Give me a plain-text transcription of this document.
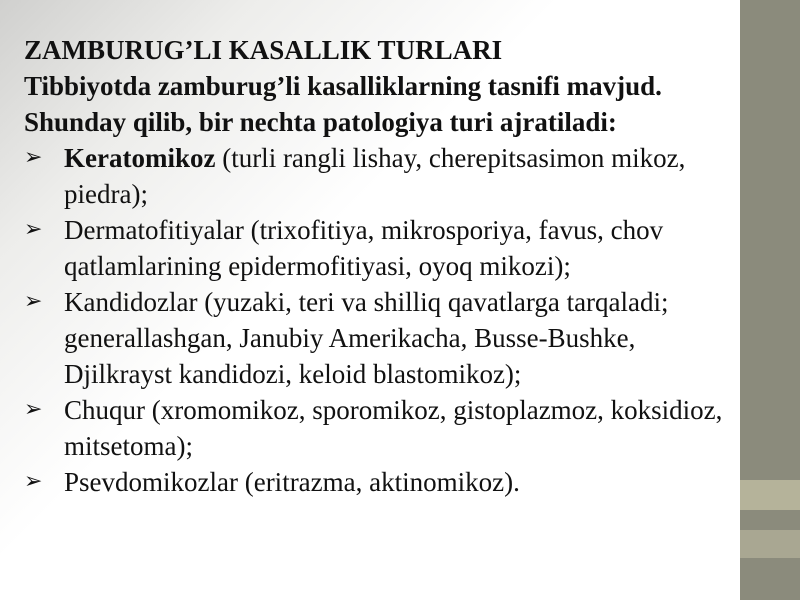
ZAMBURUG’LI KASALLIK TURLARI

Tibbiyotda zamburug’li kasalliklarning tasnifi mavjud. Shunday qilib, bir nechta patologiya turi ajratiladi:

➢ Keratomikoz (turli rangli lishay, cherepitsasimon mikoz, piedra);
➢ Dermatofitiyalar (trixofitiya, mikrosporiya, favus, chov qatlamlarining epidermofitiyasi, oyoq mikozi);
➢ Kandidozlar (yuzaki, teri va shilliq qavatlarga tarqaladi; generallashgan, Janubiy Amerikacha, Busse-Bushke, Djilkrayst kandidozi, keloid blastomikoz);
➢ Chuqur (xromomikoz, sporomikoz, gistoplazmoz, koksidioz, mitsetoma);
➢ Psevdomikozlar (eritrazma, aktinomikoz).
